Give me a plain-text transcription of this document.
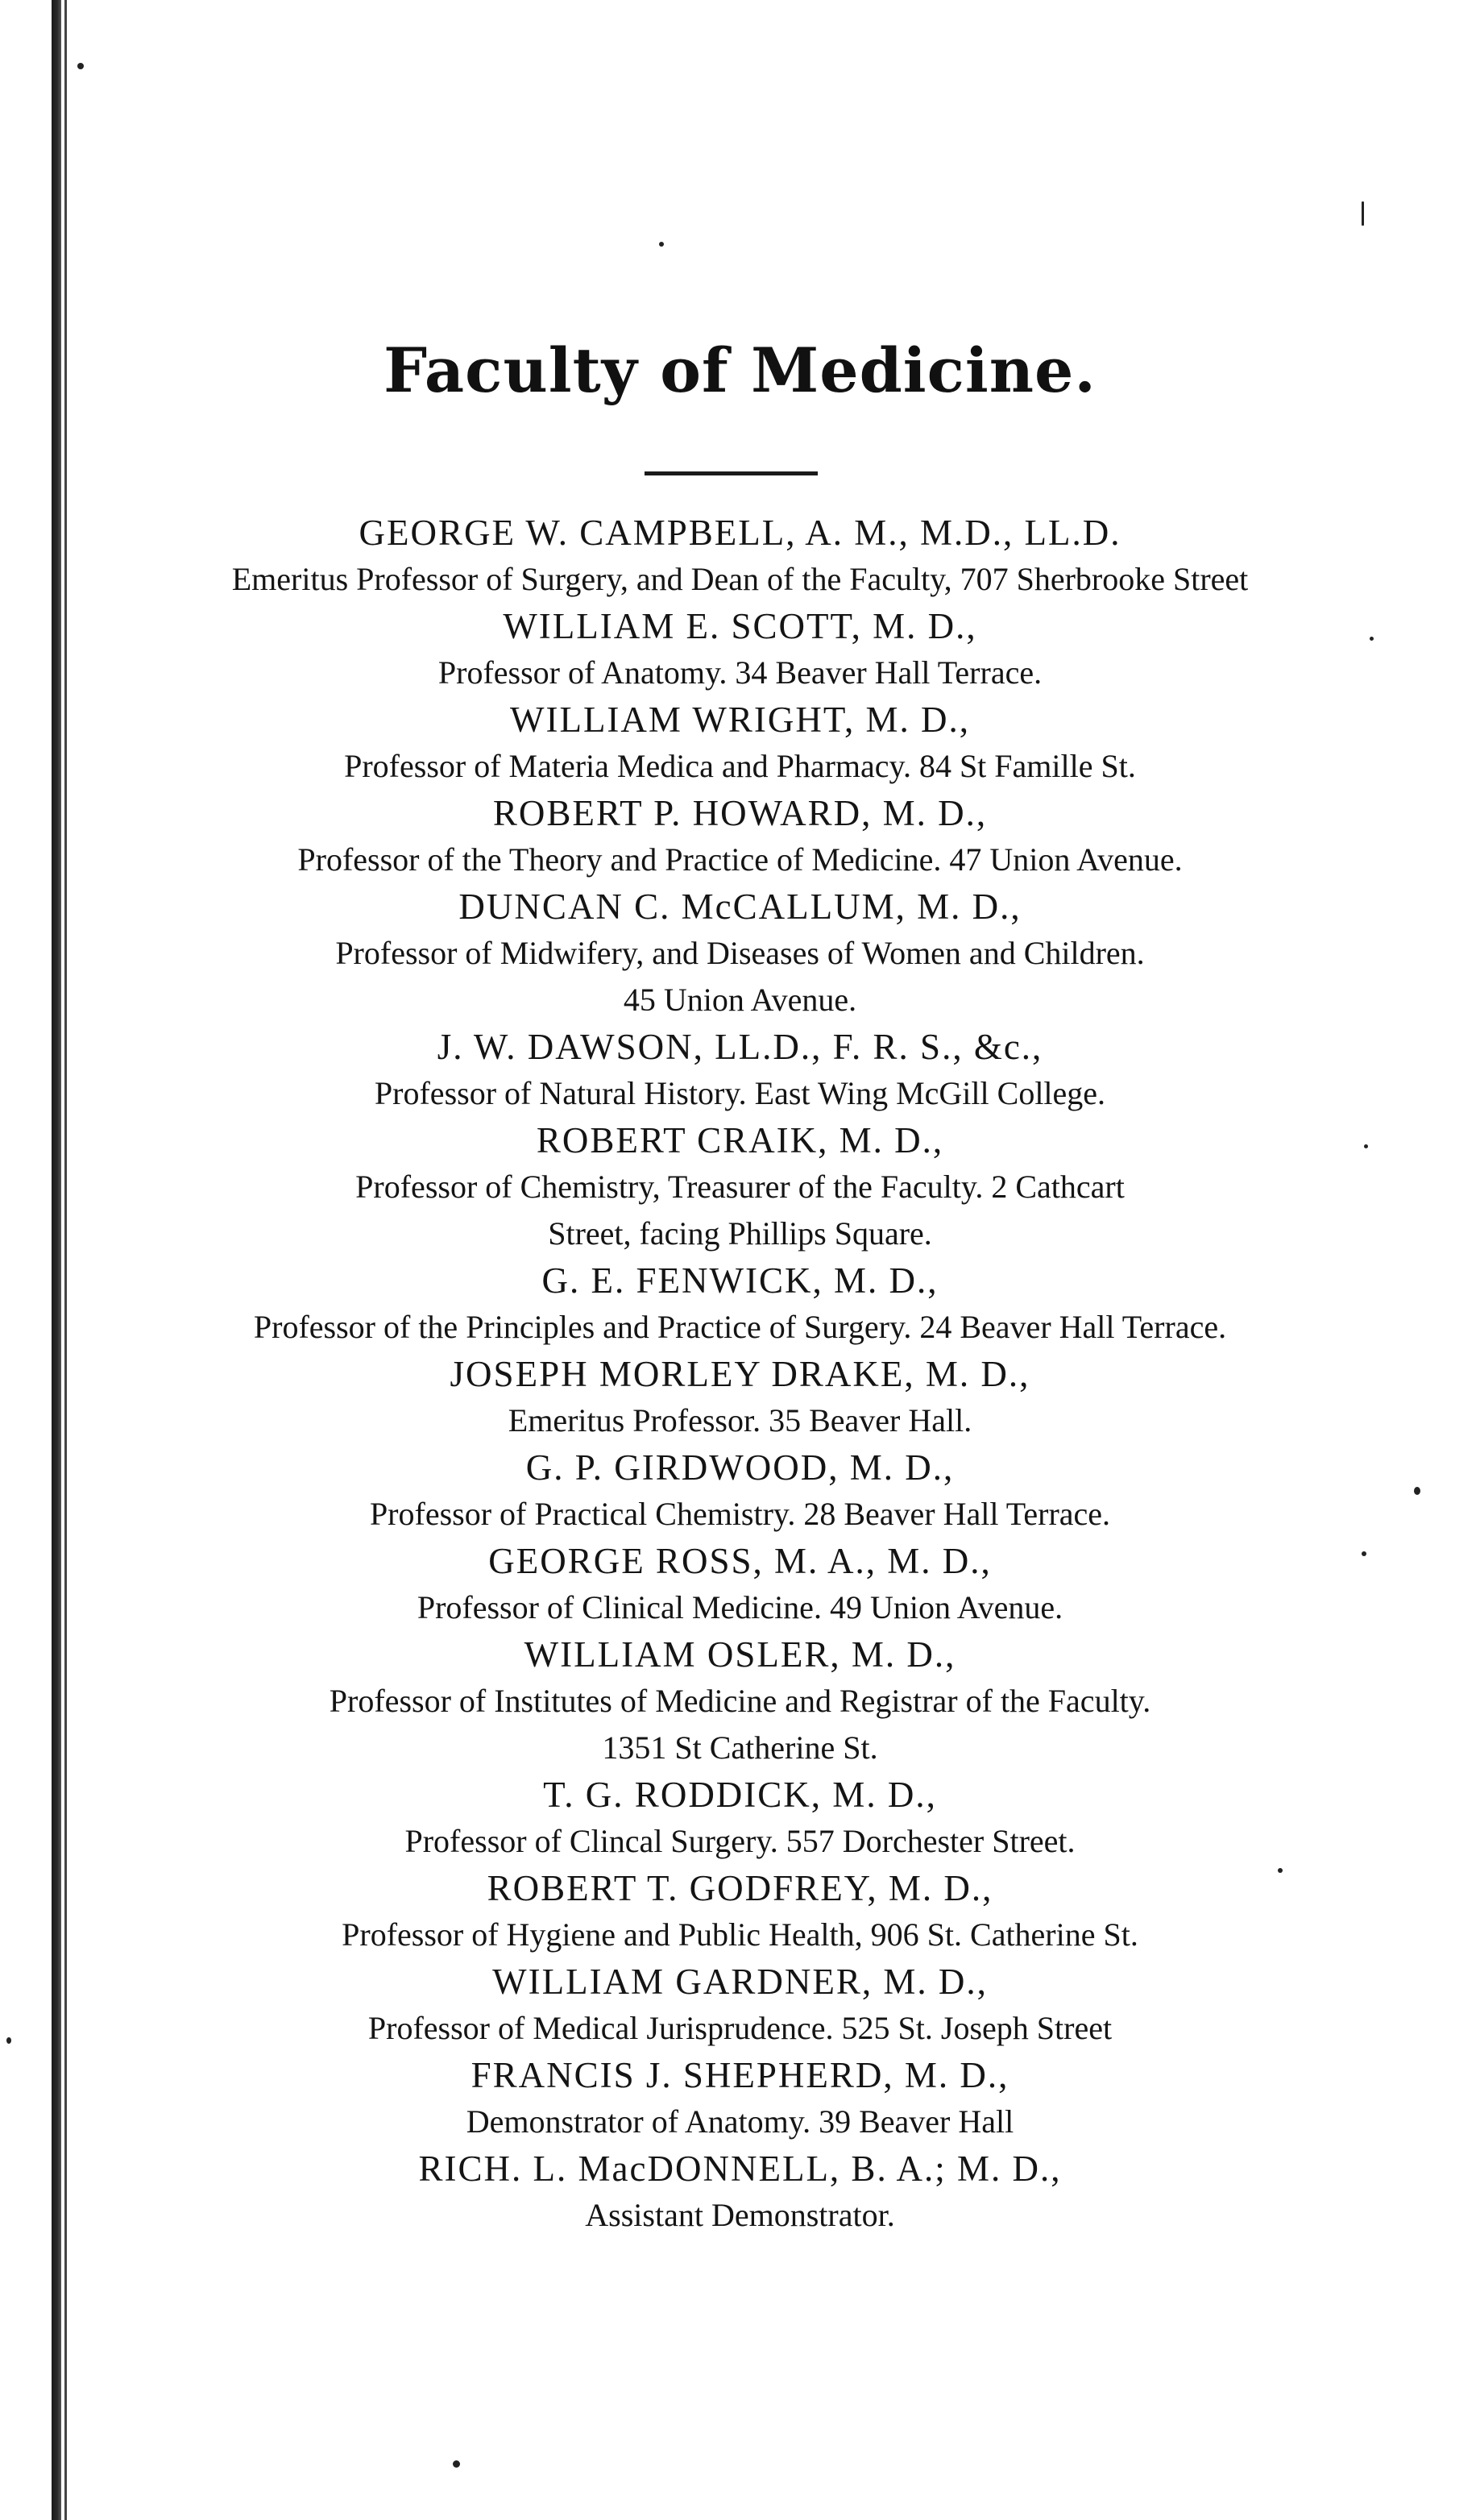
Faculty of Medicine.
GEORGE W. CAMPBELL, A. M., M.D., LL.D.
Emeritus Professor of Surgery, and Dean of the Faculty, 707 Sherbrooke Street
WILLIAM E. SCOTT, M. D.,
Professor of Anatomy. 34 Beaver Hall Terrace.
WILLIAM WRIGHT, M. D.,
Professor of Materia Medica and Pharmacy. 84 St Famille St.
ROBERT P. HOWARD, M. D.,
Professor of the Theory and Practice of Medicine. 47 Union Avenue.
DUNCAN C. McCALLUM, M. D.,
Professor of Midwifery, and Diseases of Women and Children.
45 Union Avenue.
J. W. DAWSON, LL.D., F. R. S., &c.,
Professor of Natural History. East Wing McGill College.
ROBERT CRAIK, M. D.,
Professor of Chemistry, Treasurer of the Faculty. 2 Cathcart
Street, facing Phillips Square.
G. E. FENWICK, M. D.,
Professor of the Principles and Practice of Surgery. 24 Beaver Hall Terrace.
JOSEPH MORLEY DRAKE, M. D.,
Emeritus Professor. 35 Beaver Hall.
G. P. GIRDWOOD, M. D.,
Professor of Practical Chemistry. 28 Beaver Hall Terrace.
GEORGE ROSS, M. A., M. D.,
Professor of Clinical Medicine. 49 Union Avenue.
WILLIAM OSLER, M. D.,
Professor of Institutes of Medicine and Registrar of the Faculty.
1351 St Catherine St.
T. G. RODDICK, M. D.,
Professor of Clincal Surgery. 557 Dorchester Street.
ROBERT T. GODFREY, M. D.,
Professor of Hygiene and Public Health, 906 St. Catherine St.
WILLIAM GARDNER, M. D.,
Professor of Medical Jurisprudence. 525 St. Joseph Street
FRANCIS J. SHEPHERD, M. D.,
Demonstrator of Anatomy. 39 Beaver Hall
RICH. L. MacDONNELL, B. A.; M. D.,
Assistant Demonstrator.
